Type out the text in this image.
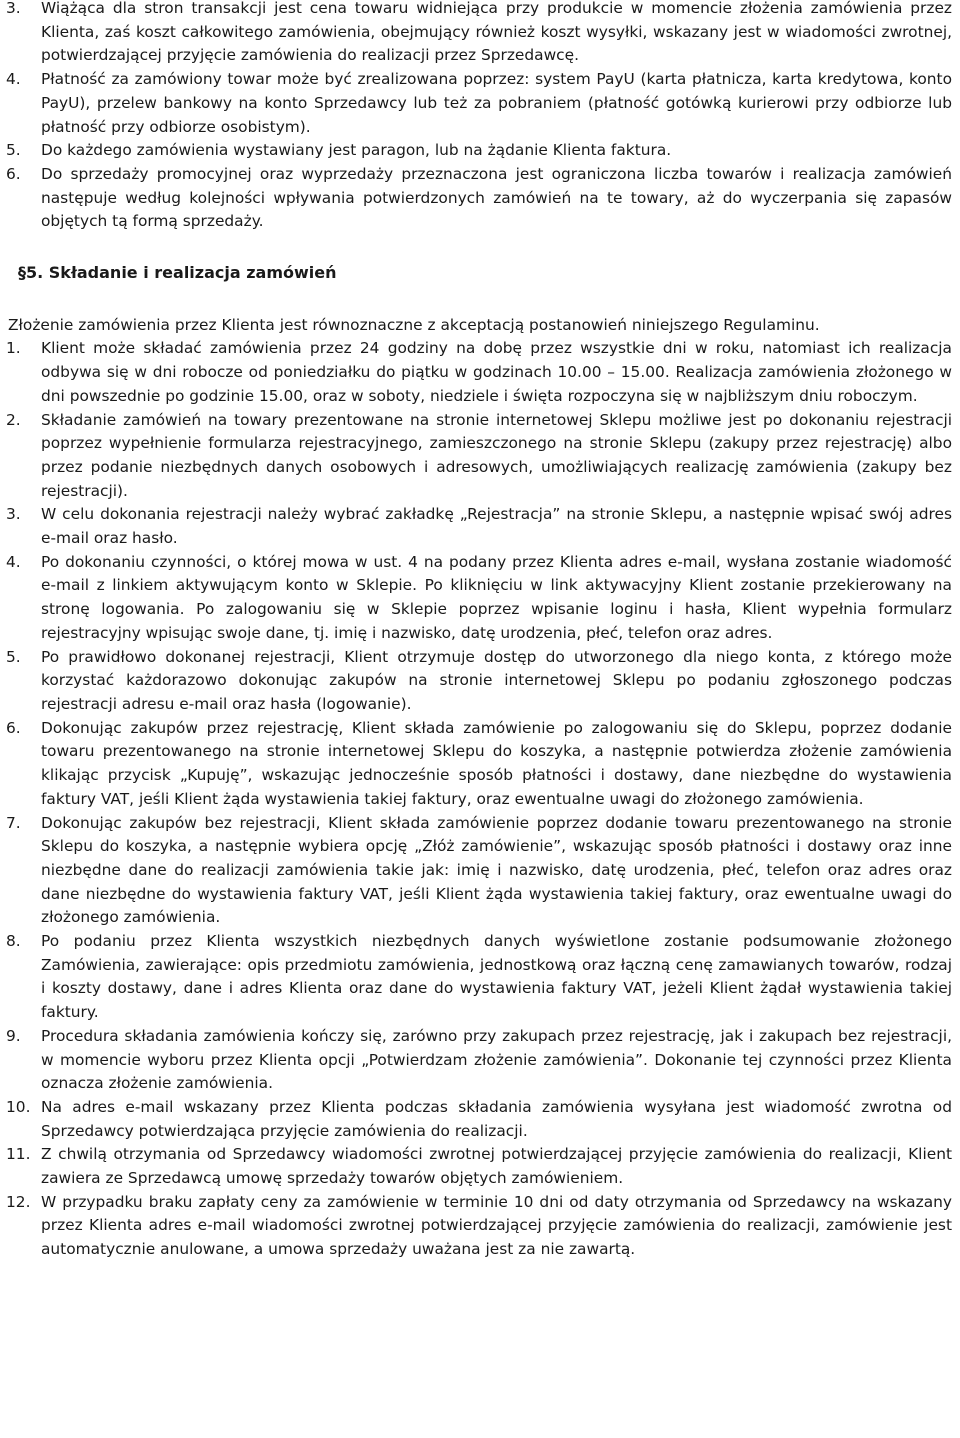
3. Wiążąca dla stron transakcji jest cena towaru widniejąca przy produkcie w momencie złożenia zamówienia przez Klienta, zaś koszt całkowitego zamówienia, obejmujący również koszt wysyłki, wskazany jest w wiadomości zwrotnej, potwierdzającej przyjęcie zamówienia do realizacji przez Sprzedawcę.
4. Płatność za zamówiony towar może być zrealizowana poprzez: system PayU (karta płatnicza, karta kredytowa, konto PayU), przelew bankowy na konto Sprzedawcy lub też za pobraniem (płatność gotówką kurierowi przy odbiorze lub płatność przy odbiorze osobistym).
5. Do każdego zamówienia wystawiany jest paragon, lub na żądanie Klienta faktura.
6. Do sprzedaży promocyjnej oraz wyprzedaży przeznaczona jest ograniczona liczba towarów i realizacja zamówień następuje według kolejności wpływania potwierdzonych zamówień na te towary, aż do wyczerpania się zapasów objętych tą formą sprzedaży.
§5. Składanie i realizacja zamówień

Złożenie zamówienia przez Klienta jest równoznaczne z akceptacją postanowień niniejszego Regulaminu.

1. Klient może składać zamówienia przez 24 godziny na dobę przez wszystkie dni w roku, natomiast ich realizacja odbywa się w dni robocze od poniedziałku do piątku w godzinach 10.00 – 15.00. Realizacja zamówienia złożonego w dni powszednie po godzinie 15.00, oraz w soboty, niedziele i święta rozpoczyna się w najbliższym dniu roboczym.
2. Składanie zamówień na towary prezentowane na stronie internetowej Sklepu możliwe jest po dokonaniu rejestracji poprzez wypełnienie formularza rejestracyjnego, zamieszczonego na stronie Sklepu (zakupy przez rejestrację) albo przez podanie niezbędnych danych osobowych i adresowych, umożliwiających realizację zamówienia (zakupy bez rejestracji).
3. W celu dokonania rejestracji należy wybrać zakładkę „Rejestracja” na stronie Sklepu, a następnie wpisać swój adres e-mail oraz hasło.
4. Po dokonaniu czynności, o której mowa w ust. 4 na podany przez Klienta adres e-mail, wysłana zostanie wiadomość e-mail z linkiem aktywującym konto w Sklepie. Po kliknięciu w link aktywacyjny Klient zostanie przekierowany na stronę logowania. Po zalogowaniu się w Sklepie poprzez wpisanie loginu i hasła, Klient wypełnia formularz rejestracyjny wpisując swoje dane, tj. imię i nazwisko, datę urodzenia, płeć, telefon oraz adres.
5. Po prawidłowo dokonanej rejestracji, Klient otrzymuje dostęp do utworzonego dla niego konta, z którego może korzystać każdorazowo dokonując zakupów na stronie internetowej Sklepu po podaniu zgłoszonego podczas rejestracji adresu e-mail oraz hasła (logowanie).
6. Dokonując zakupów przez rejestrację, Klient składa zamówienie po zalogowaniu się do Sklepu, poprzez dodanie towaru prezentowanego na stronie internetowej Sklepu do koszyka, a następnie potwierdza złożenie zamówienia klikając przycisk „Kupuję”, wskazując jednocześnie sposób płatności i dostawy, dane niezbędne do wystawienia faktury VAT, jeśli Klient żąda wystawienia takiej faktury, oraz ewentualne uwagi do złożonego zamówienia.
7. Dokonując zakupów bez rejestracji, Klient składa zamówienie poprzez dodanie towaru prezentowanego na stronie Sklepu do koszyka, a następnie wybiera opcję „Złóż zamówienie”, wskazując sposób płatności i dostawy oraz inne niezbędne dane do realizacji zamówienia takie jak: imię i nazwisko, datę urodzenia, płeć, telefon oraz adres oraz dane niezbędne do wystawienia faktury VAT, jeśli Klient żąda wystawienia takiej faktury, oraz ewentualne uwagi do złożonego zamówienia.
8. Po podaniu przez Klienta wszystkich niezbędnych danych wyświetlone zostanie podsumowanie złożonego Zamówienia, zawierające: opis przedmiotu zamówienia, jednostkową oraz łączną cenę zamawianych towarów, rodzaj i koszty dostawy, dane i adres Klienta oraz dane do wystawienia faktury VAT, jeżeli Klient żądał wystawienia takiej faktury.
9. Procedura składania zamówienia kończy się, zarówno przy zakupach przez rejestrację, jak i zakupach bez rejestracji, w momencie wyboru przez Klienta opcji „Potwierdzam złożenie zamówienia”. Dokonanie tej czynności przez Klienta oznacza złożenie zamówienia.
10. Na adres e-mail wskazany przez Klienta podczas składania zamówienia wysyłana jest wiadomość zwrotna od Sprzedawcy potwierdzająca przyjęcie zamówienia do realizacji.
11. Z chwilą otrzymania od Sprzedawcy wiadomości zwrotnej potwierdzającej przyjęcie zamówienia do realizacji, Klient zawiera ze Sprzedawcą umowę sprzedaży towarów objętych zamówieniem.
12. W przypadku braku zapłaty ceny za zamówienie w terminie 10 dni od daty otrzymania od Sprzedawcy na wskazany przez Klienta adres e-mail wiadomości zwrotnej potwierdzającej przyjęcie zamówienia do realizacji, zamówienie jest automatycznie anulowane, a umowa sprzedaży uważana jest za nie zawartą.
